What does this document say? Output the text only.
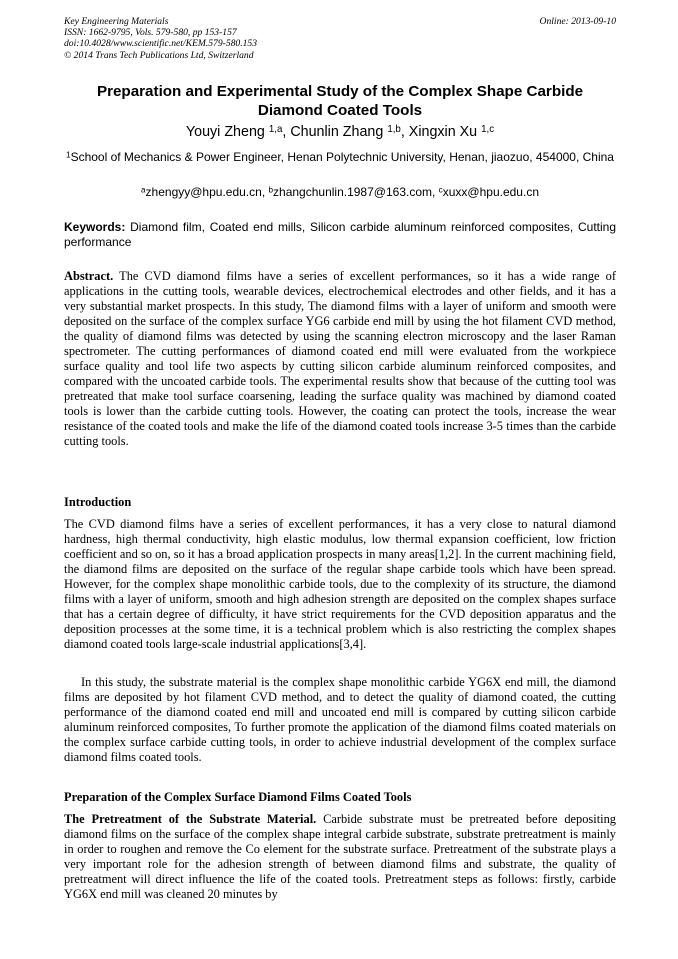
Key Engineering Materials
ISSN: 1662-9795, Vols. 579-580, pp 153-157
doi:10.4028/www.scientific.net/KEM.579-580.153
© 2014 Trans Tech Publications Ltd, Switzerland
Online: 2013-09-10
Preparation and Experimental Study of the Complex Shape Carbide
Diamond Coated Tools
Youyi Zheng $^{1,a}$, Chunlin Zhang $^{1,b}$, Xingxin Xu $^{1,c}$
$^1$School of Mechanics & Power Engineer, Henan Polytechnic University, Henan, jiaozuo, 454000, China
$^a$zhengyy@hpu.edu.cn, $^b$zhangchunlin.1987@163.com, $^c$xuxx@hpu.edu.cn
Keywords: Diamond film, Coated end mills, Silicon carbide aluminum reinforced composites, Cutting performance
Abstract. The CVD diamond films have a series of excellent performances, so it has a wide range of applications in the cutting tools, wearable devices, electrochemical electrodes and other fields, and it has a very substantial market prospects. In this study, The diamond films with a layer of uniform and smooth were deposited on the surface of the complex surface YG6 carbide end mill by using the hot filament CVD method, the quality of diamond films was detected by using the scanning electron microscopy and the laser Raman spectrometer. The cutting performances of diamond coated end mill were evaluated from the workpiece surface quality and tool life two aspects by cutting silicon carbide aluminum reinforced composites, and compared with the uncoated carbide tools. The experimental results show that because of the cutting tool was pretreated that make tool surface coarsening, leading the surface quality was machined by diamond coated tools is lower than the carbide cutting tools. However, the coating can protect the tools, increase the wear resistance of the coated tools and make the life of the diamond coated tools increase 3-5 times than the carbide cutting tools.
Introduction
The CVD diamond films have a series of excellent performances, it has a very close to natural diamond hardness, high thermal conductivity, high elastic modulus, low thermal expansion coefficient, low friction coefficient and so on, so it has a broad application prospects in many areas[1,2]. In the current machining field, the diamond films are deposited on the surface of the regular shape carbide tools which have been spread. However, for the complex shape monolithic carbide tools, due to the complexity of its structure, the diamond films with a layer of uniform, smooth and high adhesion strength are deposited on the complex shapes surface that has a certain degree of difficulty, it have strict requirements for the CVD deposition apparatus and the deposition processes at the some time, it is a technical problem which is also restricting the complex shapes diamond coated tools large-scale industrial applications[3,4].
In this study, the substrate material is the complex shape monolithic carbide YG6X end mill, the diamond films are deposited by hot filament CVD method, and to detect the quality of diamond coated, the cutting performance of the diamond coated end mill and uncoated end mill is compared by cutting silicon carbide aluminum reinforced composites, To further promote the application of the diamond films coated materials on the complex surface carbide cutting tools, in order to achieve industrial development of the complex surface diamond films coated tools.
Preparation of the Complex Surface Diamond Films Coated Tools
The Pretreatment of the Substrate Material. Carbide substrate must be pretreated before depositing diamond films on the surface of the complex shape integral carbide substrate, substrate pretreatment is mainly in order to roughen and remove the Co element for the substrate surface. Pretreatment of the substrate plays a very important role for the adhesion strength of between diamond films and substrate, the quality of pretreatment will direct influence the life of the coated tools. Pretreatment steps as follows: firstly, carbide YG6X end mill was cleaned 20 minutes by
